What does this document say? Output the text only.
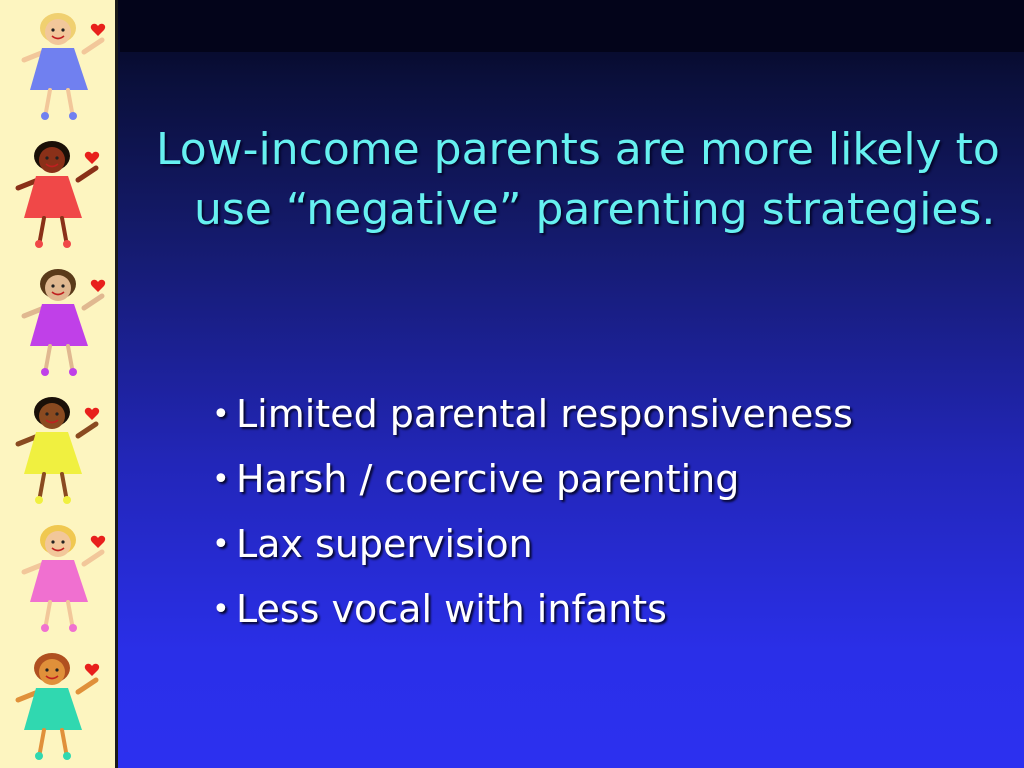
Low-income parents are more likely to use “negative” parenting strategies.
• Limited parental responsiveness
• Harsh / coercive parenting
• Lax supervision
• Less vocal with infants
